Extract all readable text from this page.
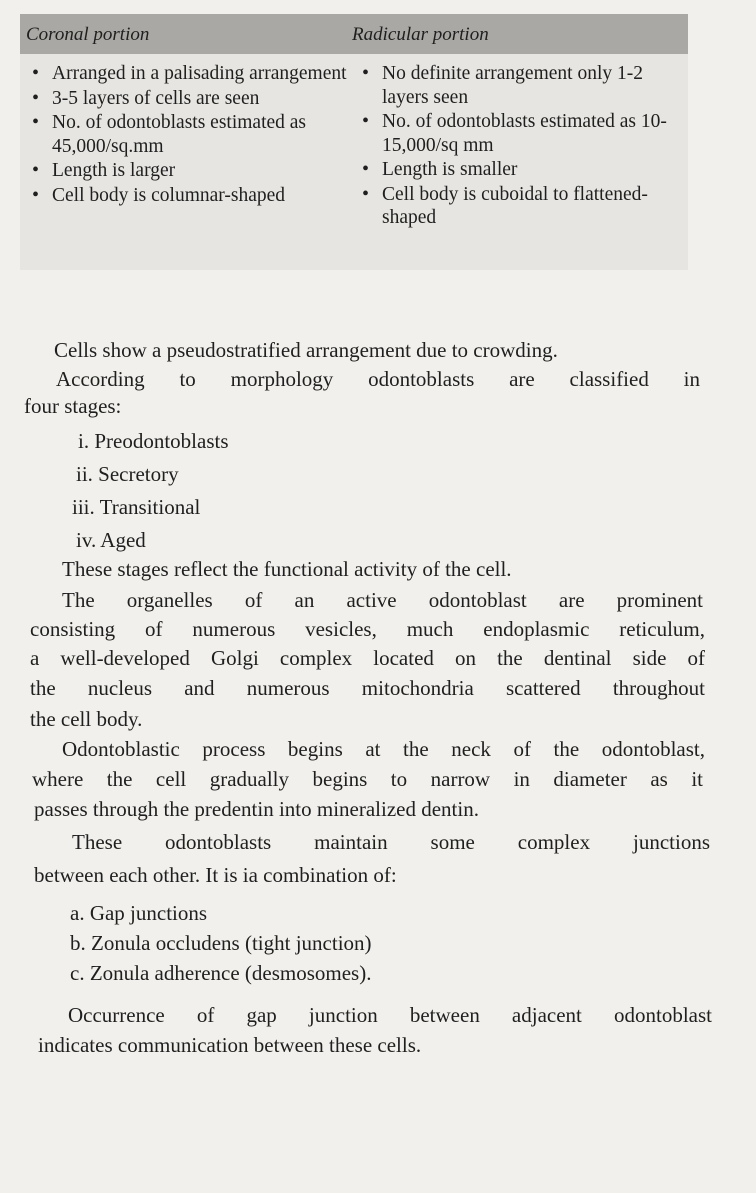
Coronal portion	Radicular portion
• Arranged in a palisading arrangement
• 3-5 layers of cells are seen
• No. of odontoblasts estimated as 45,000/sq.mm
• Length is larger
• Cell body is columnar-shaped
• No definite arrangement only 1-2 layers seen
• No. of odontoblasts estimated as 10-15,000/sq mm
• Length is smaller
• Cell body is cuboidal to flattened-shaped
Cells show a pseudostratified arrangement due to crowding.
According to morphology odontoblasts are classified in
four stages:
i. Preodontoblasts
ii. Secretory
iii. Transitional
iv. Aged
These stages reflect the functional activity of the cell.
The organelles of an active odontoblast are prominent
consisting of numerous vesicles, much endoplasmic reticulum,
a well-developed Golgi complex located on the dentinal side of
the nucleus and numerous mitochondria scattered throughout
the cell body.
Odontoblastic process begins at the neck of the odontoblast,
where the cell gradually begins to narrow in diameter as it
passes through the predentin into mineralized dentin.
These odontoblasts maintain some complex junctions
between each other. It is ia combination of:
a. Gap junctions
b. Zonula occludens (tight junction)
c. Zonula adherence (desmosomes).
Occurrence of gap junction between adjacent odontoblast
indicates communication between these cells.
